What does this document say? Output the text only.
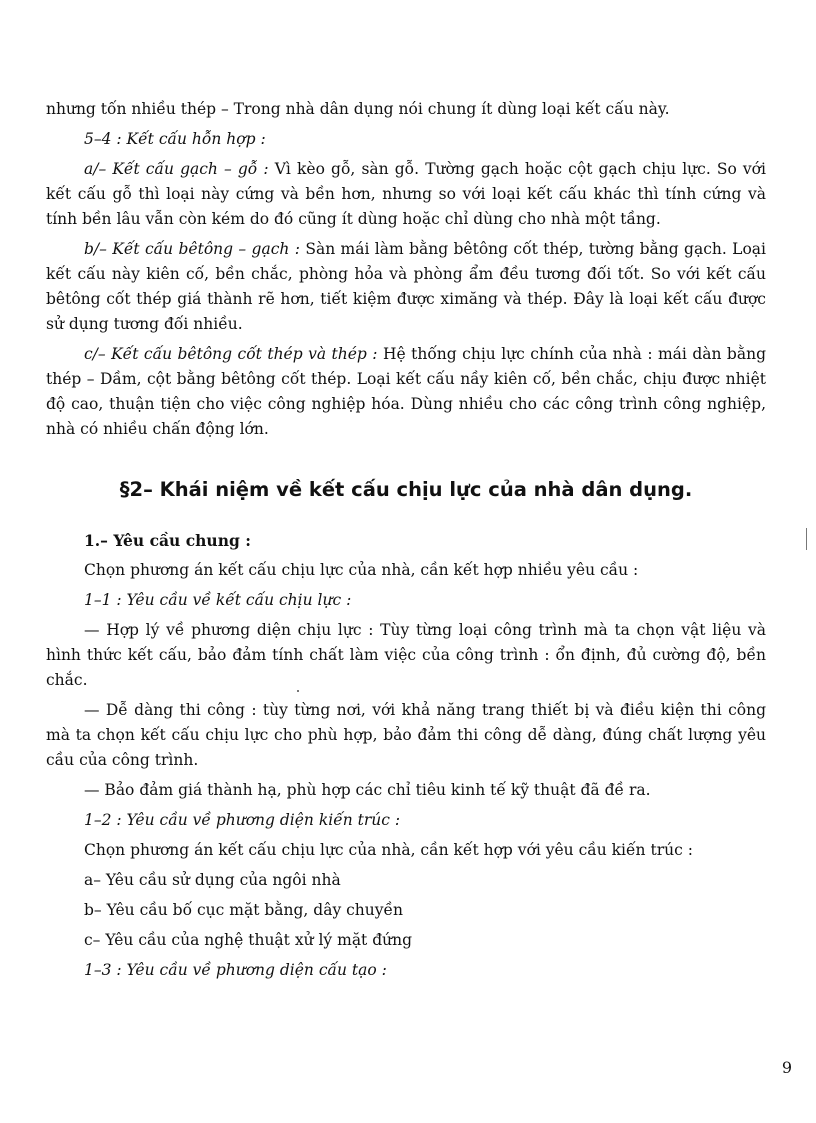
nhưng tốn nhiều thép – Trong nhà dân dụng nói chung ít dùng loại kết cấu này.

5–4 : Kết cấu hỗn hợp :

a/– Kết cấu gạch – gỗ : Vì kèo gỗ, sàn gỗ. Tường gạch hoặc cột gạch chịu lực. So với kết cấu gỗ thì loại này cứng và bền hơn, nhưng so với loại kết cấu khác thì tính cứng và tính bền lâu vẫn còn kém do đó cũng ít dùng hoặc chỉ dùng cho nhà một tầng.

b/– Kết cấu bêtông – gạch : Sàn mái làm bằng bêtông cốt thép, tường bằng gạch. Loại kết cấu này kiên cố, bền chắc, phòng hỏa và phòng ẩm đều tương đối tốt. So với kết cấu bêtông cốt thép giá thành rẽ hơn, tiết kiệm được ximăng và thép. Đây là loại kết cấu được sử dụng tương đối nhiều.

c/– Kết cấu bêtông cốt thép và thép : Hệ thống chịu lực chính của nhà : mái dàn bằng thép – Dầm, cột bằng bêtông cốt thép. Loại kết cấu nầy kiên cố, bền chắc, chịu được nhiệt độ cao, thuận tiện cho việc công nghiệp hóa. Dùng nhiều cho các công trình công nghiệp, nhà có nhiều chấn động lớn.

§2– Khái niệm về kết cấu chịu lực của nhà dân dụng.

1.– Yêu cầu chung :

Chọn phương án kết cấu chịu lực của nhà, cần kết hợp nhiều yêu cầu :

1–1 : Yêu cầu về kết cấu chịu lực :

— Hợp lý về phương diện chịu lực : Tùy từng loại công trình mà ta chọn vật liệu và hình thức kết cấu, bảo đảm tính chất làm việc của công trình : ổn định, đủ cường độ, bền chắc.

— Dễ dàng thi công : tùy từng nơi, với khả năng trang thiết bị và điều kiện thi công mà ta chọn kết cấu chịu lực cho phù hợp, bảo đảm thi công dễ dàng, đúng chất lượng yêu cầu của công trình.

— Bảo đảm giá thành hạ, phù hợp các chỉ tiêu kinh tế kỹ thuật đã đề ra.

1–2 : Yêu cầu về phương diện kiến trúc :

Chọn phương án kết cấu chịu lực của nhà, cần kết hợp với yêu cầu kiến trúc :

a– Yêu cầu sử dụng của ngôi nhà

b– Yêu cầu bố cục mặt bằng, dây chuyền

c– Yêu cầu của nghệ thuật xử lý mặt đứng

1–3 : Yêu cầu về phương diện cấu tạo :

9
